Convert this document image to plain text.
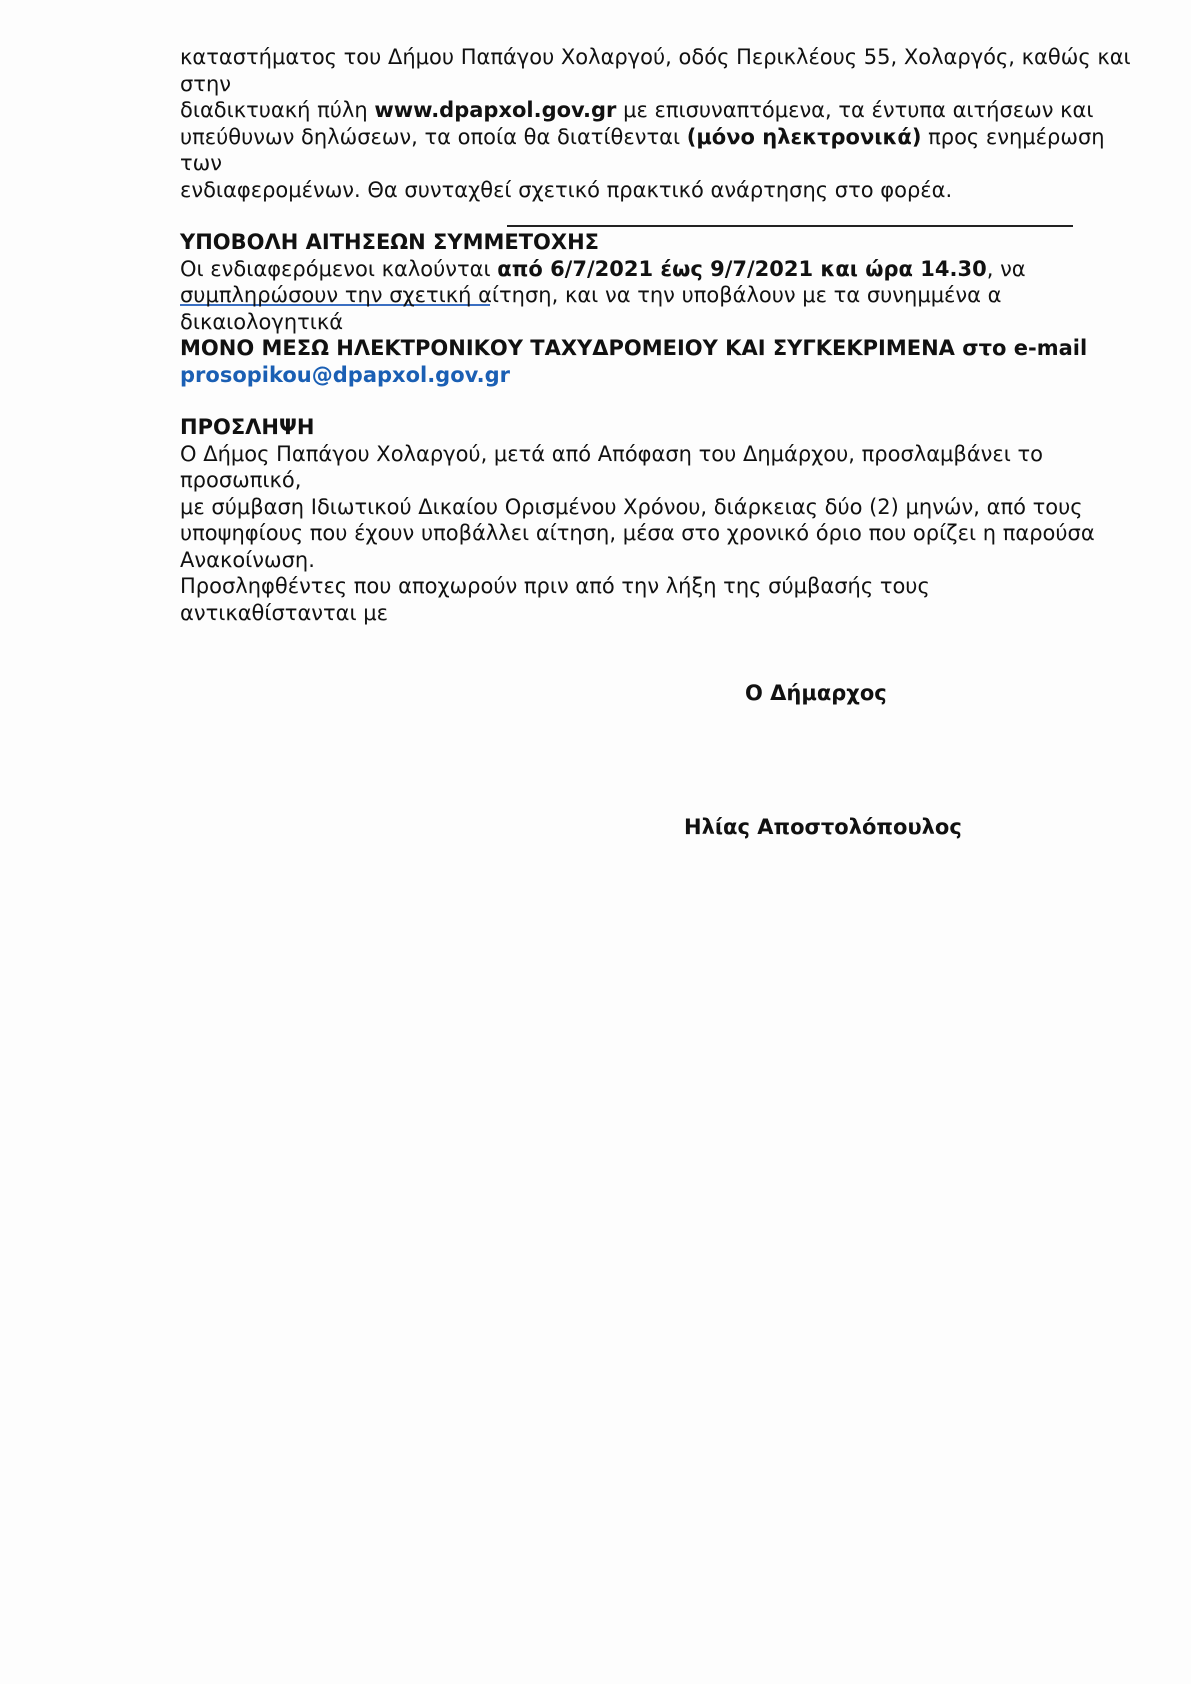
καταστήματος του Δήμου Παπάγου Χολαργού, οδός Περικλέους 55, Χολαργός, καθώς και
στην
διαδικτυακή πύλη www.dpapxol.gov.gr με επισυναπτόμενα, τα έντυπα αιτήσεων και
υπεύθυνων δηλώσεων, τα οποία θα διατίθενται (μόνο ηλεκτρονικά) προς ενημέρωση
των
ενδιαφερομένων. Θα συνταχθεί σχετικό πρακτικό ανάρτησης στο φορέα.
ΥΠΟΒΟΛΗ ΑΙΤΗΣΕΩΝ ΣΥΜΜΕΤΟΧΗΣ
Οι ενδιαφερόμενοι καλούνται από 6/7/2021 έως 9/7/2021 και ώρα 14.30, να
συμπληρώσουν την σχετική αίτηση, και να την υποβάλουν με τα συνημμένα α
δικαιολογητικά
ΜΟΝΟ ΜΕΣΩ ΗΛΕΚΤΡΟΝΙΚΟΥ ΤΑΧΥΔΡΟΜΕΙΟΥ ΚΑΙ ΣΥΓΚΕΚΡΙΜΕΝΑ στο e-mail
prosopikou@dpapxol.gov.gr
ΠΡΟΣΛΗΨΗ
Ο Δήμος Παπάγου Χολαργού, μετά από Απόφαση του Δημάρχου, προσλαμβάνει το
προσωπικό,
με σύμβαση Ιδιωτικού Δικαίου Ορισμένου Χρόνου, διάρκειας δύο (2) μηνών, από τους
υποψηφίους που έχουν υποβάλλει αίτηση, μέσα στο χρονικό όριο που ορίζει η παρούσα
Ανακοίνωση.
Προσληφθέντες που αποχωρούν πριν από την λήξη της σύμβασής τους
αντικαθίστανται με
Ο Δήμαρχος
Ηλίας Αποστολόπουλος
